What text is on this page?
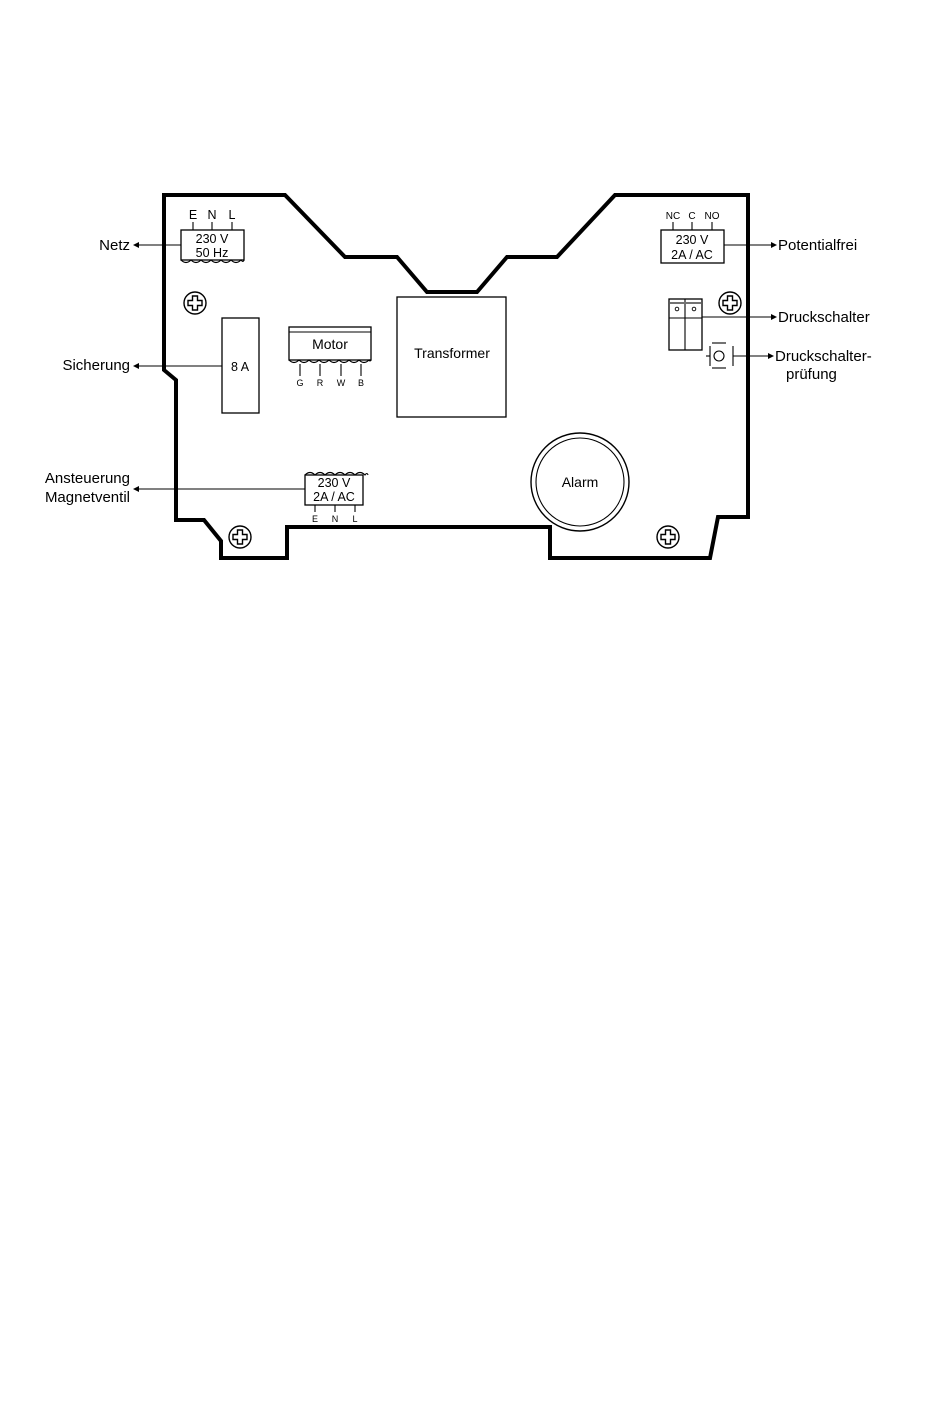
E N L
230 V
50 Hz
NC C NO
230 V
2A / AC
8 A
Motor
G R W B
Transformer
Alarm
230 V
2A / AC
E N L
Netz
Sicherung
Ansteuerung
Magnetventil
Potentialfrei
Druckschalter
Druckschalter-
prüfung
